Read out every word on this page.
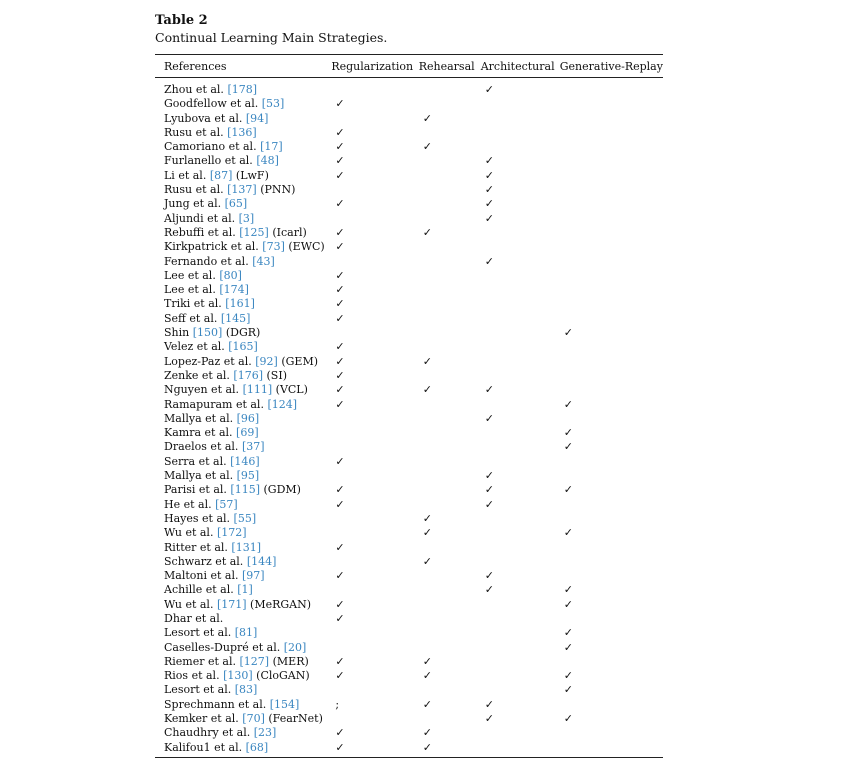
Table 2
Continual Learning Main Strategies.
References	Regularization	Rehearsal	Architectural	Generative-Replay
Zhou et al. [178]			✓	
Goodfellow et al. [53]	✓			
Lyubova et al. [94]		✓		
Rusu et al. [136]	✓			
Camoriano et al. [17]	✓	✓		
Furlanello et al. [48]	✓		✓	
Li et al. [87] (LwF)	✓		✓	
Rusu et al. [137] (PNN)			✓	
Jung et al. [65]	✓		✓	
Aljundi et al. [3]			✓	
Rebuffi et al. [125] (Icarl)	✓	✓		
Kirkpatrick et al. [73] (EWC)	✓			
Fernando et al. [43]			✓	
Lee et al. [80]	✓			
Lee et al. [174]	✓			
Triki et al. [161]	✓			
Seff et al. [145]	✓			
Shin [150] (DGR)				✓
Velez et al. [165]	✓			
Lopez-Paz et al. [92] (GEM)	✓	✓		
Zenke et al. [176] (SI)	✓			
Nguyen et al. [111] (VCL)	✓	✓	✓	
Ramapuram et al. [124]	✓			✓
Mallya et al. [96]			✓	
Kamra et al. [69]				✓
Draelos et al. [37]				✓
Serra et al. [146]	✓			
Mallya et al. [95]			✓	
Parisi et al. [115] (GDM)	✓		✓	✓
He et al. [57]	✓		✓	
Hayes et al. [55]		✓		
Wu et al. [172]		✓		✓
Ritter et al. [131]	✓			
Schwarz et al. [144]		✓		
Maltoni et al. [97]	✓		✓	
Achille et al. [1]			✓	✓
Wu et al. [171] (MeRGAN)	✓			✓
Dhar et al.	✓			
Lesort et al. [81]				✓
Caselles-Dupré et al. [20]				✓
Riemer et al. [127] (MER)	✓	✓		
Rios et al. [130] (CloGAN)	✓	✓		✓
Lesort et al. [83]				✓
Sprechmann et al. [154]	;	✓	✓	
Kemker et al. [70] (FearNet)			✓	✓
Chaudhry et al. [23]	✓	✓		
Kalifou1 et al. [68]	✓	✓		
